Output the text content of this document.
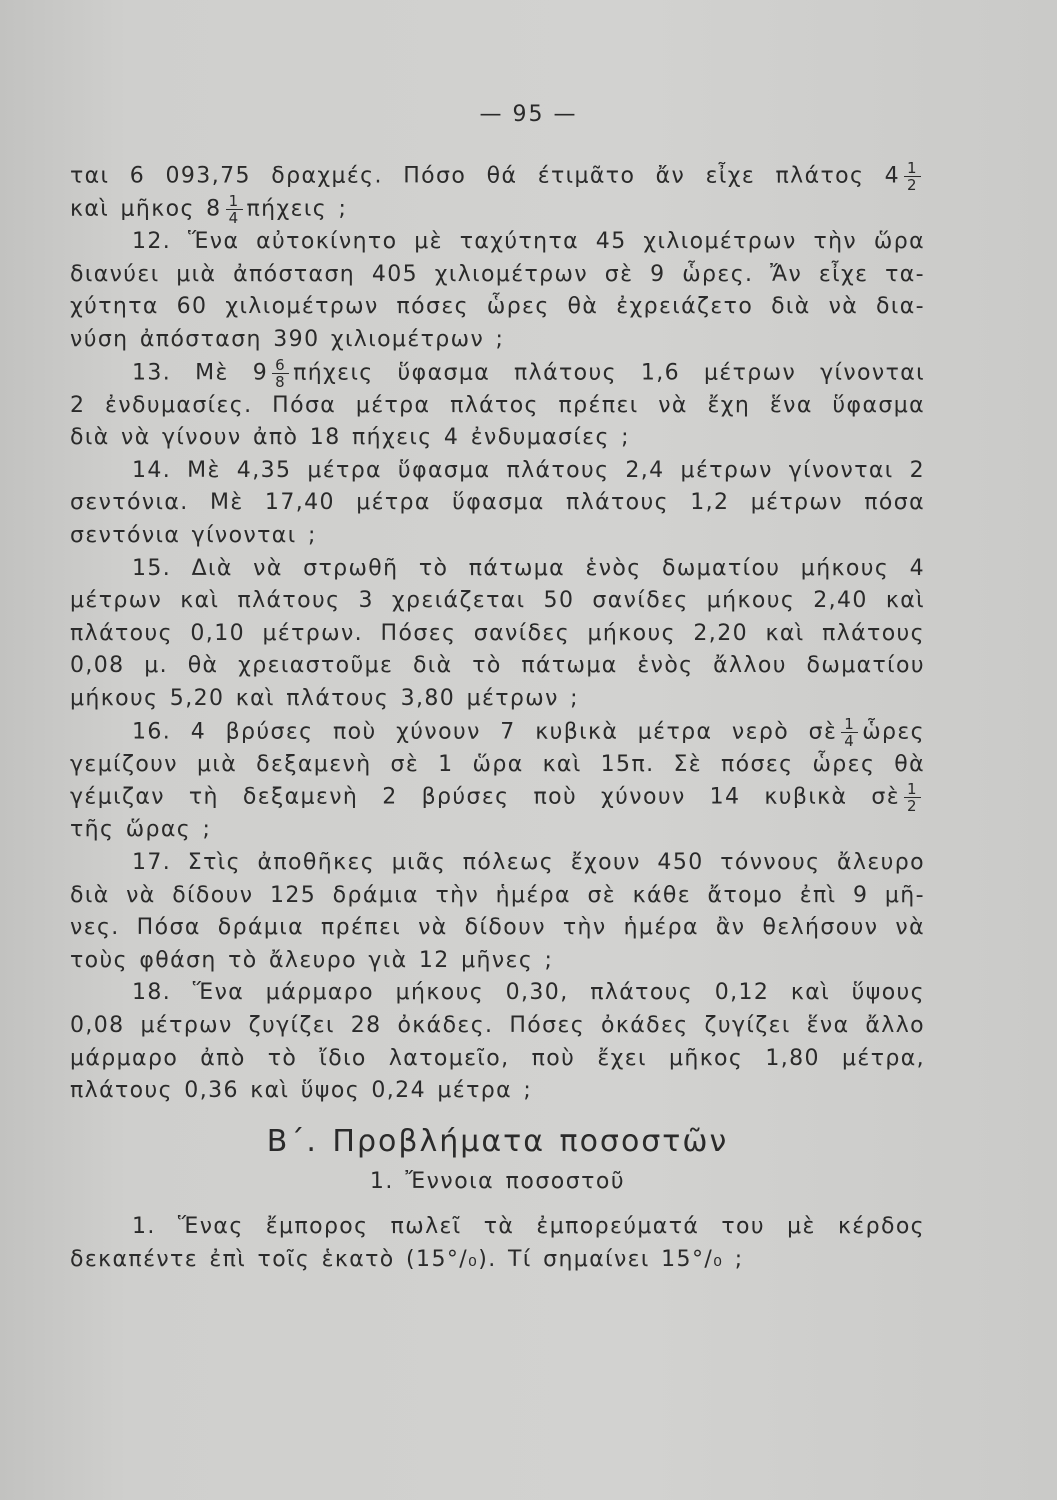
— 95 —
ται 6 093,75 δραχμές. Πόσο θά έτιμᾶτο ἄν εἶχε πλάτος $4 \frac{1}{2}$
καὶ μῆκος $8 \frac{1}{4}$ πήχεις ;
12. Ἕνα αὐτοκίνητο μὲ ταχύτητα 45 χιλιομέτρων τὴν ὥρα
διανύει μιὰ ἀπόσταση 405 χιλιομέτρων σὲ 9 ὧρες. Ἄν εἶχε τα-
χύτητα 60 χιλιομέτρων πόσες ὧρες θὰ ἐχρειάζετο διὰ νὰ δια-
νύση ἀπόσταση 390 χιλιομέτρων ;
13. Μὲ $9 \frac{6}{8}$ πήχεις ὕφασμα πλάτους 1,6 μέτρων γίνονται
2 ἐνδυμασίες. Πόσα μέτρα πλάτος πρέπει νὰ ἔχη ἕνα ὕφασμα
διὰ νὰ γίνουν ἀπὸ 18 πήχεις 4 ἐνδυμασίες ;
14. Μὲ 4,35 μέτρα ὕφασμα πλάτους 2,4 μέτρων γίνονται 2
σεντόνια. Μὲ 17,40 μέτρα ὕφασμα πλάτους 1,2 μέτρων πόσα
σεντόνια γίνονται ;
15. Διὰ νὰ στρωθῆ τὸ πάτωμα ἑνὸς δωματίου μήκους 4
μέτρων καὶ πλάτους 3 χρειάζεται 50 σανίδες μήκους 2,40 καὶ
πλάτους 0,10 μέτρων. Πόσες σανίδες μήκους 2,20 καὶ πλάτους
0,08 μ. θὰ χρειαστοῦμε διὰ τὸ πάτωμα ἑνὸς ἄλλου δωματίου
μήκους 5,20 καὶ πλάτους 3,80 μέτρων ;
16. 4 βρύσες ποὺ χύνουν 7 κυβικὰ μέτρα νερὸ σὲ $\frac{1}{4}$ ὧρες
γεμίζουν μιὰ δεξαμενὴ σὲ 1 ὥρα καὶ 15π. Σὲ πόσες ὧρες θὰ
γέμιζαν τὴ δεξαμενὴ 2 βρύσες ποὺ χύνουν 14 κυβικὰ σὲ $\frac{1}{2}$
τῆς ὥρας ;
17. Στὶς ἀποθῆκες μιᾶς πόλεως ἔχουν 450 τόννους ἄλευρο
διὰ νὰ δίδουν 125 δράμια τὴν ἡμέρα σὲ κάθε ἄτομο ἐπὶ 9 μῆ-
νες. Πόσα δράμια πρέπει νὰ δίδουν τὴν ἡμέρα ἂν θελήσουν νὰ
τοὺς φθάση τὸ ἄλευρο γιὰ 12 μῆνες ;
18. Ἕνα μάρμαρο μήκους 0,30, πλάτους 0,12 καὶ ὕψους
0,08 μέτρων ζυγίζει 28 ὀκάδες. Πόσες ὀκάδες ζυγίζει ἕνα ἄλλο
μάρμαρο ἀπὸ τὸ ἴδιο λατομεῖο, ποὺ ἔχει μῆκος 1,80 μέτρα,
πλάτους 0,36 καὶ ὕψος 0,24 μέτρα ;
Β΄. Προβλήματα ποσοστῶν
1. Ἔννοια ποσοστοῦ
1. Ἕνας ἔμπορος πωλεῖ τὰ ἐμπορεύματά του μὲ κέρδος
δεκαπέντε ἐπὶ τοῖς ἑκατὸ (15°/₀). Τί σημαίνει 15°/₀ ;
